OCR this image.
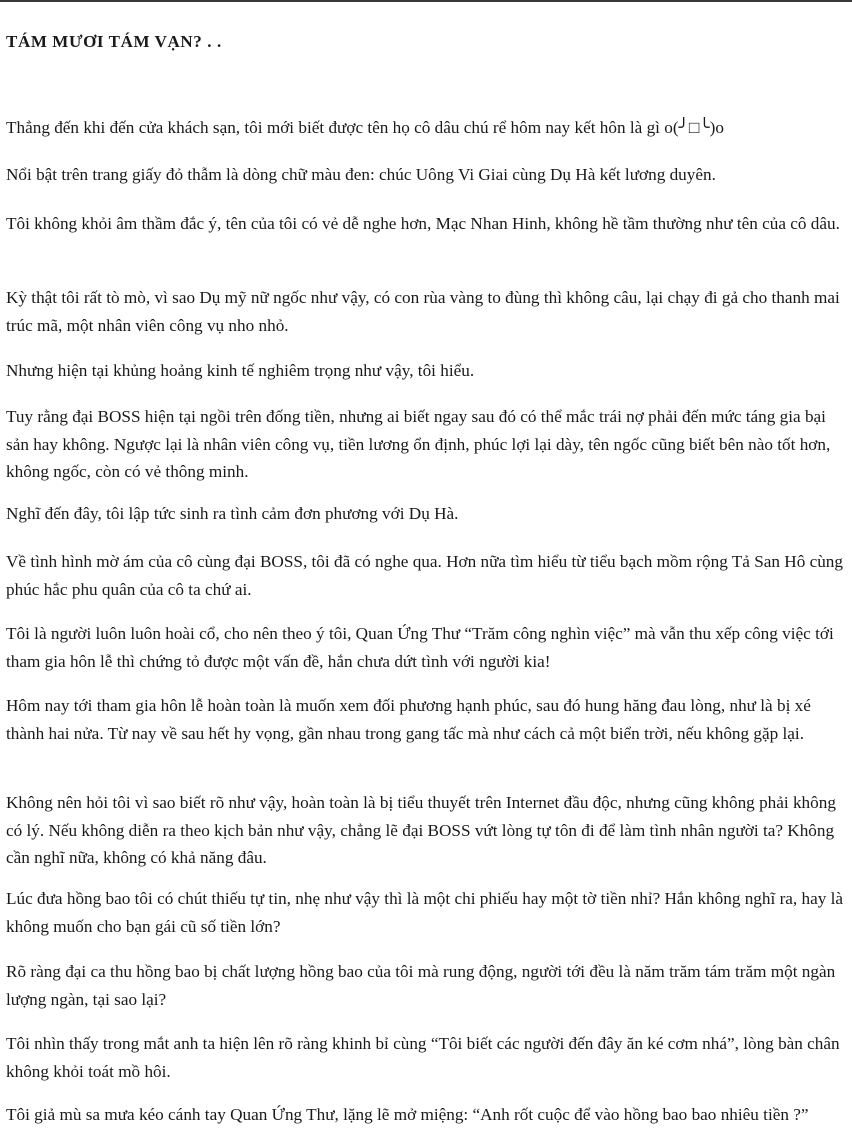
TÁM MƯƠI TÁM VẠN? . .

Thẳng đến khi đến cửa khách sạn, tôi mới biết được tên họ cô dâu chú rể hôm nay kết hôn là gì o(╯□╰)o

Nổi bật trên trang giấy đỏ thẫm là dòng chữ màu đen: chúc Uông Vi Giai cùng Dụ Hà kết lương duyên.

Tôi không khỏi âm thầm đắc ý, tên của tôi có vẻ dễ nghe hơn, Mạc Nhan Hinh, không hề tầm thường như tên của cô dâu.

Kỳ thật tôi rất tò mò, vì sao Dụ mỹ nữ ngốc như vậy, có con rùa vàng to đùng thì không câu, lại chạy đi gả cho thanh mai trúc mã, một nhân viên công vụ nho nhỏ.

Nhưng hiện tại khủng hoảng kinh tế nghiêm trọng như vậy, tôi hiểu.

Tuy rằng đại BOSS hiện tại ngồi trên đống tiền, nhưng ai biết ngay sau đó có thể mắc trái nợ phải đến mức táng gia bại sản hay không. Ngược lại là nhân viên công vụ, tiền lương ổn định, phúc lợi lại dày, tên ngốc cũng biết bên nào tốt hơn, không ngốc, còn có vẻ thông minh.

Nghĩ đến đây, tôi lập tức sinh ra tình cảm đơn phương với Dụ Hà.

Về tình hình mờ ám của cô cùng đại BOSS, tôi đã có nghe qua. Hơn nữa tìm hiểu từ tiểu bạch mồm rộng Tả San Hô cùng phúc hắc phu quân của cô ta chứ ai.

Tôi là người luôn luôn hoài cổ, cho nên theo ý tôi, Quan Ứng Thư “Trăm công nghìn việc” mà vẫn thu xếp công việc tới tham gia hôn lễ thì chứng tỏ được một vấn đề, hắn chưa dứt tình với người kia!

Hôm nay tới tham gia hôn lễ hoàn toàn là muốn xem đối phương hạnh phúc, sau đó hung hăng đau lòng, như là bị xé thành hai nửa. Từ nay về sau hết hy vọng, gần nhau trong gang tấc mà như cách cả một biển trời, nếu không gặp lại.

Không nên hỏi tôi vì sao biết rõ như vậy, hoàn toàn là bị tiểu thuyết trên Internet đầu độc, nhưng cũng không phải không có lý. Nếu không diễn ra theo kịch bản như vậy, chẳng lẽ đại BOSS vứt lòng tự tôn đi để làm tình nhân người ta? Không cần nghĩ nữa, không có khả năng đâu.

Lúc đưa hồng bao tôi có chút thiếu tự tin, nhẹ như vậy thì là một chi phiếu hay một tờ tiền nhỉ? Hắn không nghĩ ra, hay là không muốn cho bạn gái cũ số tiền lớn?

Rõ ràng đại ca thu hồng bao bị chất lượng hồng bao của tôi mà rung động, người tới đều là năm trăm tám trăm một ngàn lượng ngàn, tại sao lại?

Tôi nhìn thấy trong mắt anh ta hiện lên rõ ràng khinh bỉ cùng “Tôi biết các người đến đây ăn ké cơm nhá”, lòng bàn chân không khỏi toát mồ hôi.

Tôi giả mù sa mưa kéo cánh tay Quan Ứng Thư, lặng lẽ mở miệng: “Anh rốt cuộc để vào hồng bao bao nhiêu tiền ?”
